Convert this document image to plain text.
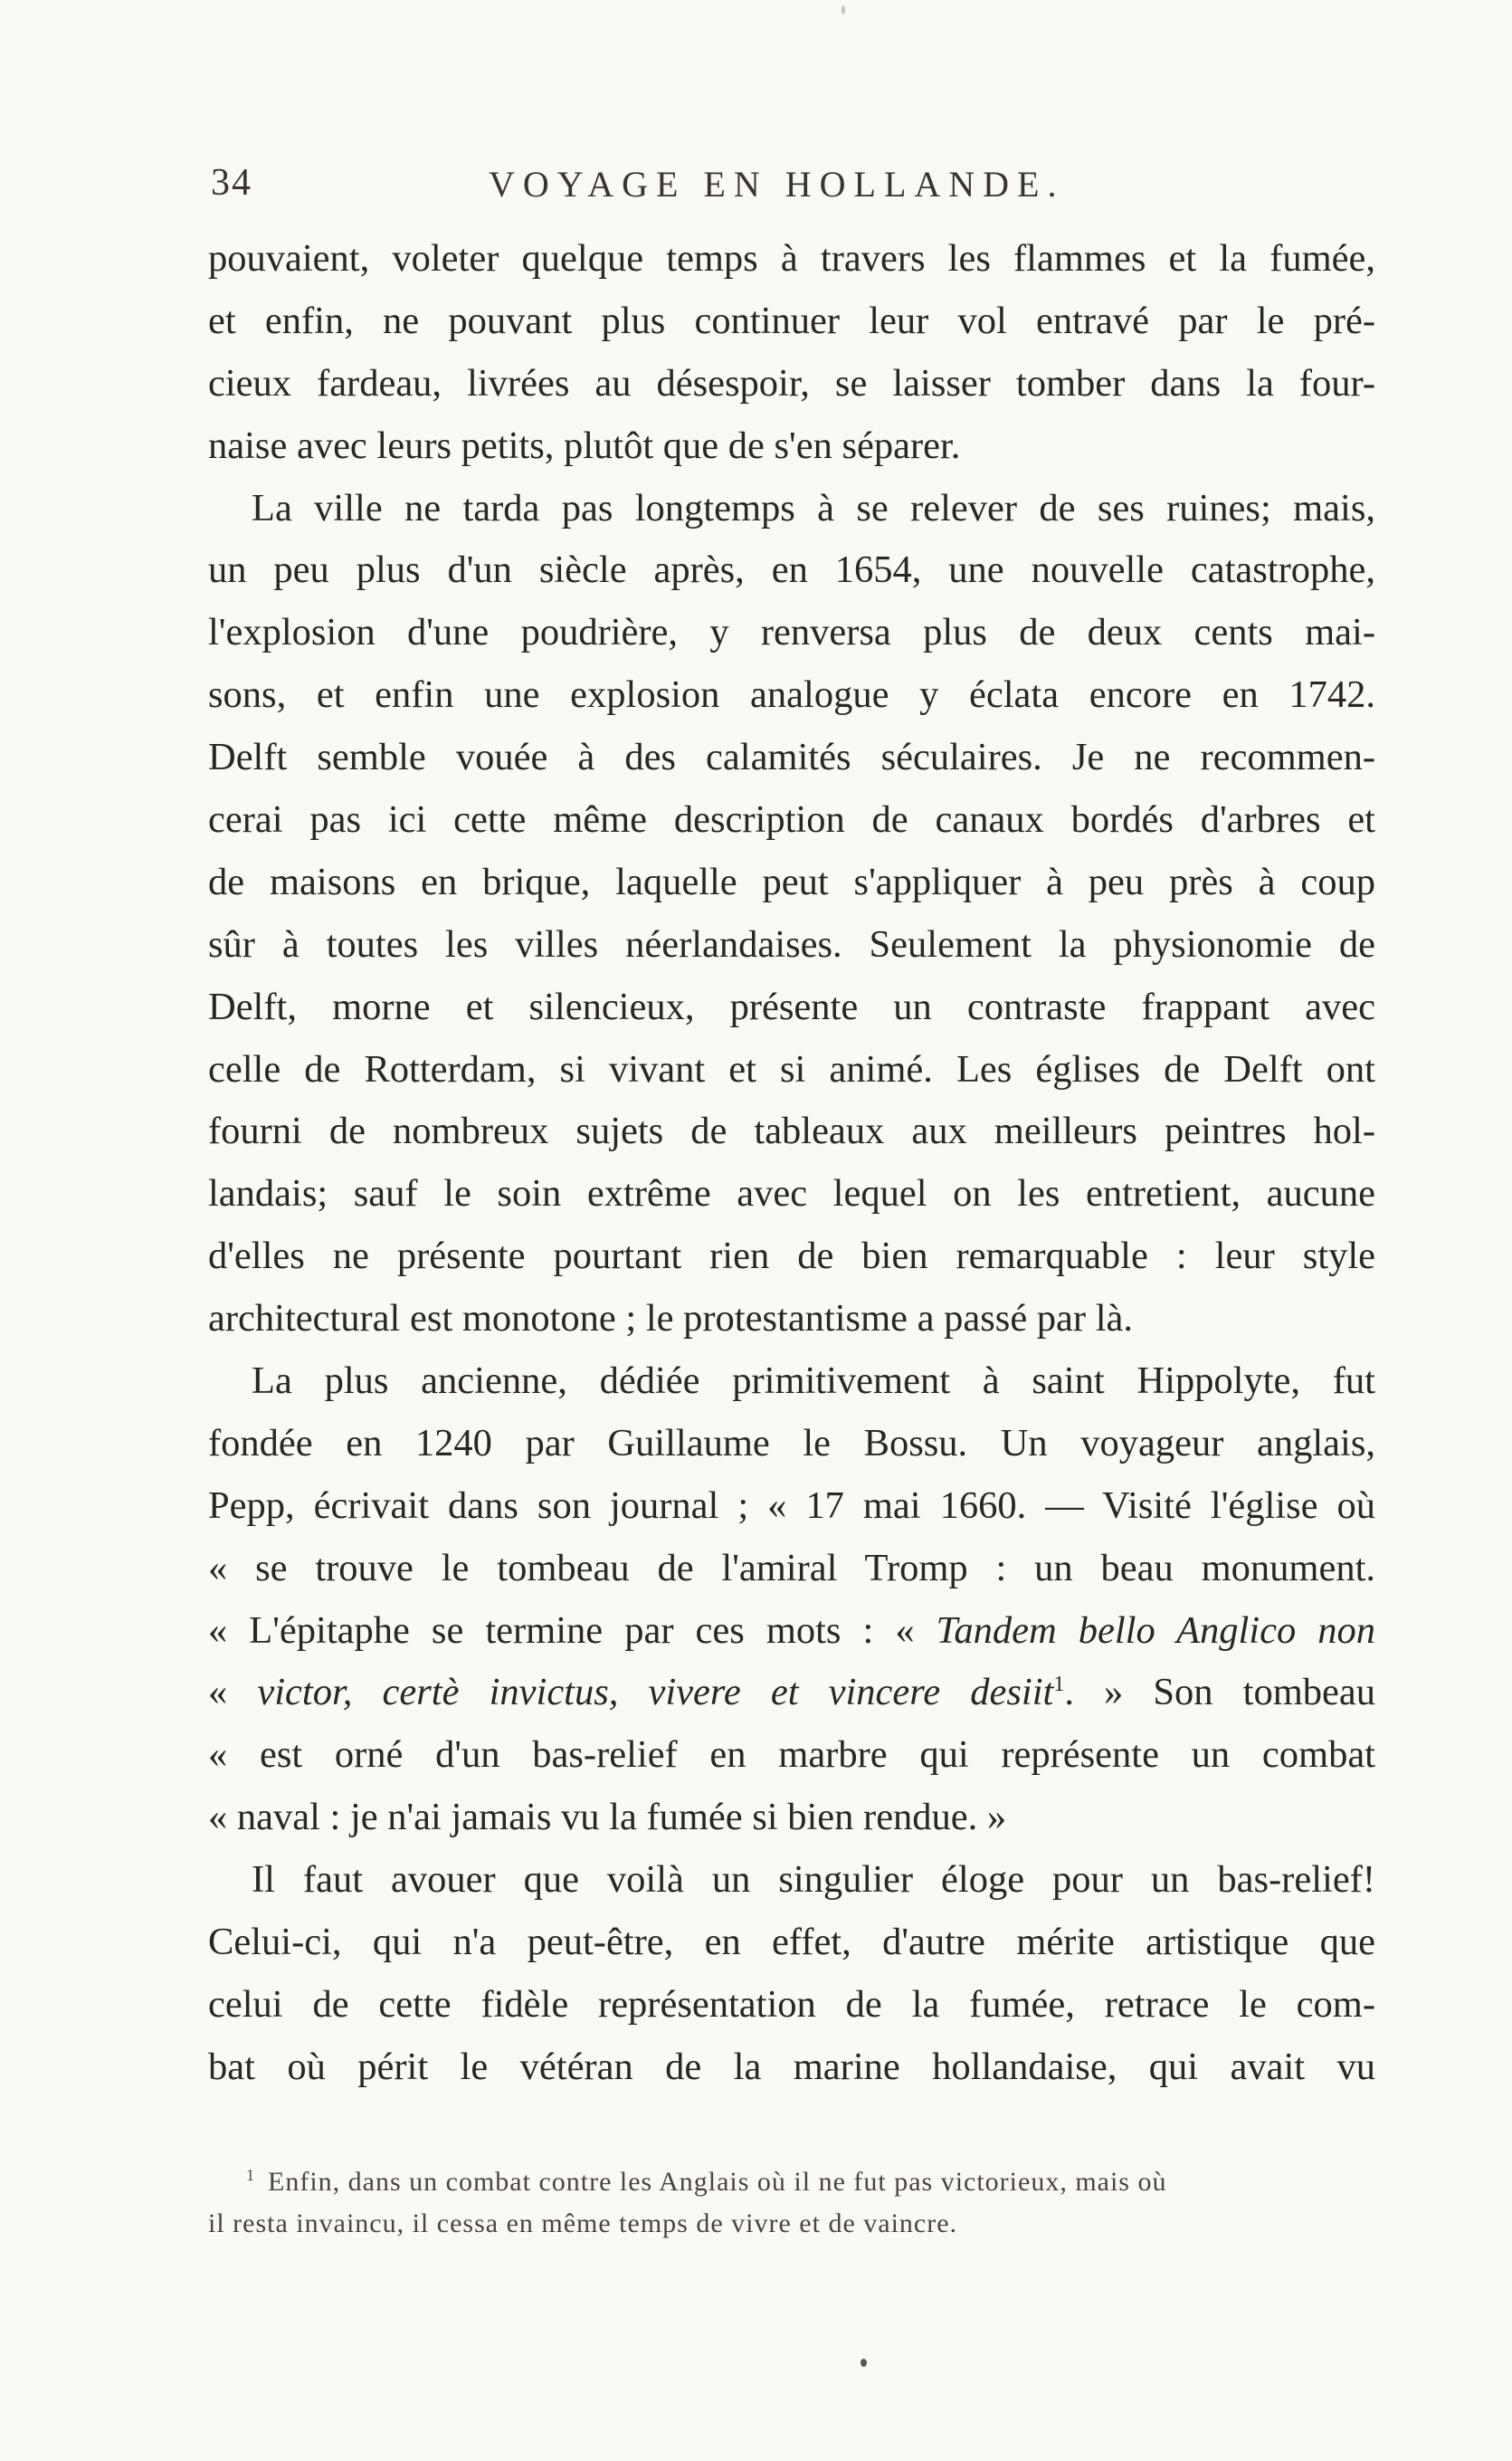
34	VOYAGE EN HOLLANDE.
pouvaient, voleter quelque temps à travers les flammes et la fumée,
et enfin, ne pouvant plus continuer leur vol entravé par le pré-
cieux fardeau, livrées au désespoir, se laisser tomber dans la four-
naise avec leurs petits, plutôt que de s'en séparer.
La ville ne tarda pas longtemps à se relever de ses ruines; mais,
un peu plus d'un siècle après, en 1654, une nouvelle catastrophe,
l'explosion d'une poudrière, y renversa plus de deux cents mai-
sons, et enfin une explosion analogue y éclata encore en 1742.
Delft semble vouée à des calamités séculaires. Je ne recommen-
cerai pas ici cette même description de canaux bordés d'arbres et
de maisons en brique, laquelle peut s'appliquer à peu près à coup
sûr à toutes les villes néerlandaises. Seulement la physionomie de
Delft, morne et silencieux, présente un contraste frappant avec
celle de Rotterdam, si vivant et si animé. Les églises de Delft ont
fourni de nombreux sujets de tableaux aux meilleurs peintres hol-
landais; sauf le soin extrême avec lequel on les entretient, aucune
d'elles ne présente pourtant rien de bien remarquable : leur style
architectural est monotone ; le protestantisme a passé par là.
La plus ancienne, dédiée primitivement à saint Hippolyte, fut
fondée en 1240 par Guillaume le Bossu. Un voyageur anglais,
Pepp, écrivait dans son journal ; « 17 mai 1660. — Visité l'église où
« se trouve le tombeau de l'amiral Tromp : un beau monument.
« L'épitaphe se termine par ces mots : « Tandem bello Anglico non
« victor, certè invictus, vivere et vincere desiit$^1$. » Son tombeau
« est orné d'un bas-relief en marbre qui représente un combat
« naval : je n'ai jamais vu la fumée si bien rendue. »
Il faut avouer que voilà un singulier éloge pour un bas-relief!
Celui-ci, qui n'a peut-être, en effet, d'autre mérite artistique que
celui de cette fidèle représentation de la fumée, retrace le com-
bat où périt le vétéran de la marine hollandaise, qui avait vu
$^1$ Enfin, dans un combat contre les Anglais où il ne fut pas victorieux, mais où
il resta invaincu, il cessa en même temps de vivre et de vaincre.
